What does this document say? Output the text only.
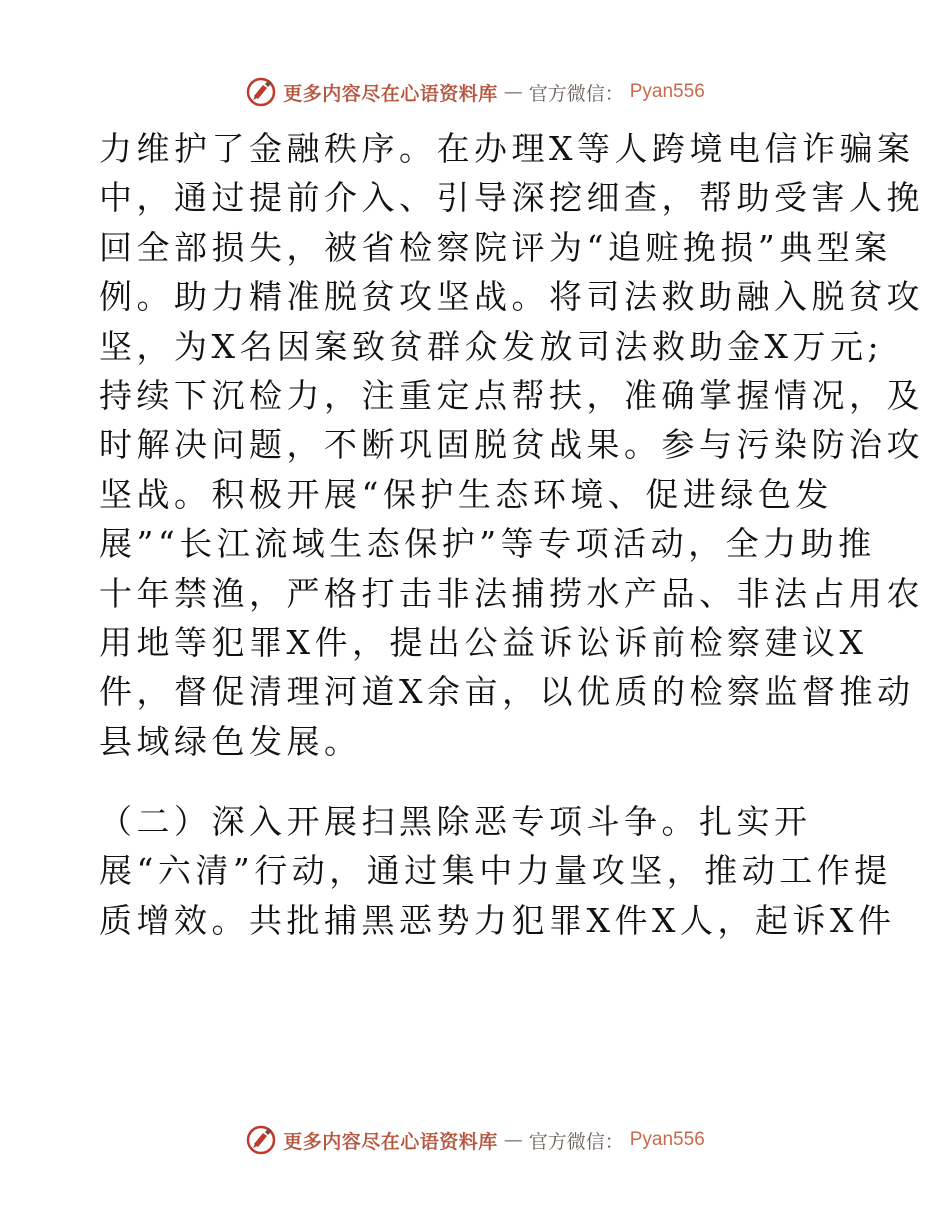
更多内容尽在心语资料库 — 官方微信： Pyan556
力维护了金融秩序。在办理X等人跨境电信诈骗案
中，通过提前介入、引导深挖细查，帮助受害人挽
回全部损失，被省检察院评为“追赃挽损”典型案
例。助力精准脱贫攻坚战。将司法救助融入脱贫攻
坚，为X名因案致贫群众发放司法救助金X万元;
持续下沉检力，注重定点帮扶，准确掌握情况，及
时解决问题，不断巩固脱贫战果。参与污染防治攻
坚战。积极开展“保护生态环境、促进绿色发
展”“长江流域生态保护”等专项活动，全力助推
十年禁渔，严格打击非法捕捞水产品、非法占用农
用地等犯罪X件，提出公益诉讼诉前检察建议X
件，督促清理河道X余亩，以优质的检察监督推动
县域绿色发展。
（二）深入开展扫黑除恶专项斗争。扎实开
展“六清”行动，通过集中力量攻坚，推动工作提
质增效。共批捕黑恶势力犯罪X件X人，起诉X件
更多内容尽在心语资料库 — 官方微信： Pyan556
